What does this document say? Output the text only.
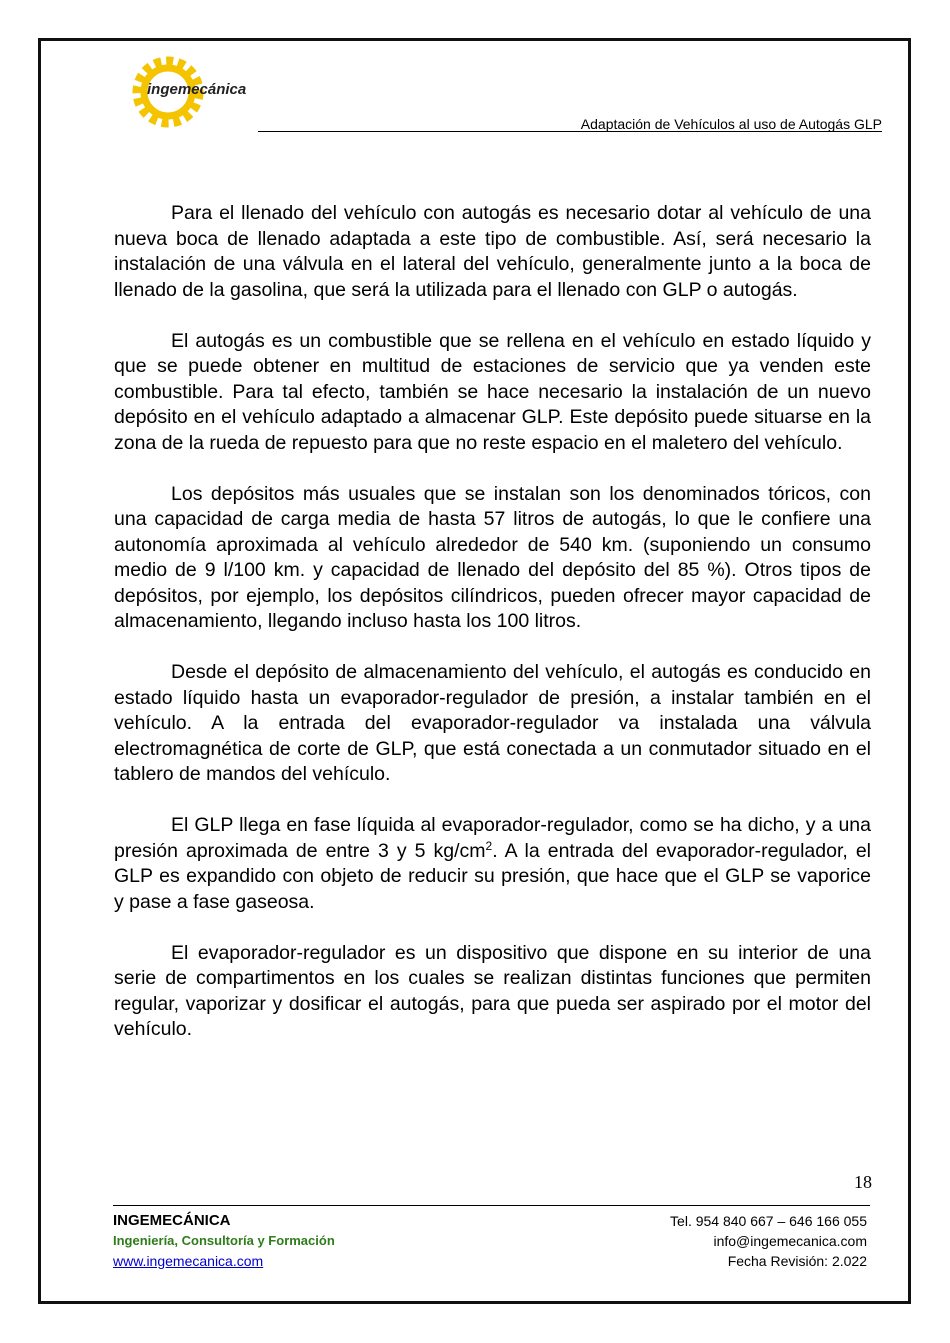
ingemecánica
Adaptación de Vehículos al uso de Autogás GLP

Para el llenado del vehículo con autogás es necesario dotar al vehículo de una nueva boca de llenado adaptada a este tipo de combustible. Así, será necesario la instalación de una válvula en el lateral del vehículo, generalmente junto a la boca de llenado de la gasolina, que será la utilizada para el llenado con GLP o autogás.

El autogás es un combustible que se rellena en el vehículo en estado líquido y que se puede obtener en multitud de estaciones de servicio que ya venden este combustible. Para tal efecto, también se hace necesario la instalación de un nuevo depósito en el vehículo adaptado a almacenar GLP. Este depósito puede situarse en la zona de la rueda de repuesto para que no reste espacio en el maletero del vehículo.

Los depósitos más usuales que se instalan son los denominados tóricos, con una capacidad de carga media de hasta 57 litros de autogás, lo que le confiere una autonomía aproximada al vehículo alrededor de 540 km. (suponiendo un consumo medio de 9 l/100 km. y capacidad de llenado del depósito del 85 %). Otros tipos de depósitos, por ejemplo, los depósitos cilíndricos, pueden ofrecer mayor capacidad de almacenamiento, llegando incluso hasta los 100 litros.

Desde el depósito de almacenamiento del vehículo, el autogás es conducido en estado líquido hasta un evaporador-regulador de presión, a instalar también en el vehículo. A la entrada del evaporador-regulador va instalada una válvula electromagnética de corte de GLP, que está conectada a un conmutador situado en el tablero de mandos del vehículo.

El GLP llega en fase líquida al evaporador-regulador, como se ha dicho, y a una presión aproximada de entre 3 y 5 $kg/cm^2$. A la entrada del evaporador-regulador, el GLP es expandido con objeto de reducir su presión, que hace que el GLP se vaporice y pase a fase gaseosa.

El evaporador-regulador es un dispositivo que dispone en su interior de una serie de compartimentos en los cuales se realizan distintas funciones que permiten regular, vaporizar y dosificar el autogás, para que pueda ser aspirado por el motor del vehículo.

18
INGEMECÁNICA
Ingeniería, Consultoría y Formación
www.ingemecanica.com
Tel. 954 840 667 – 646 166 055
info@ingemecanica.com
Fecha Revisión: 2.022
